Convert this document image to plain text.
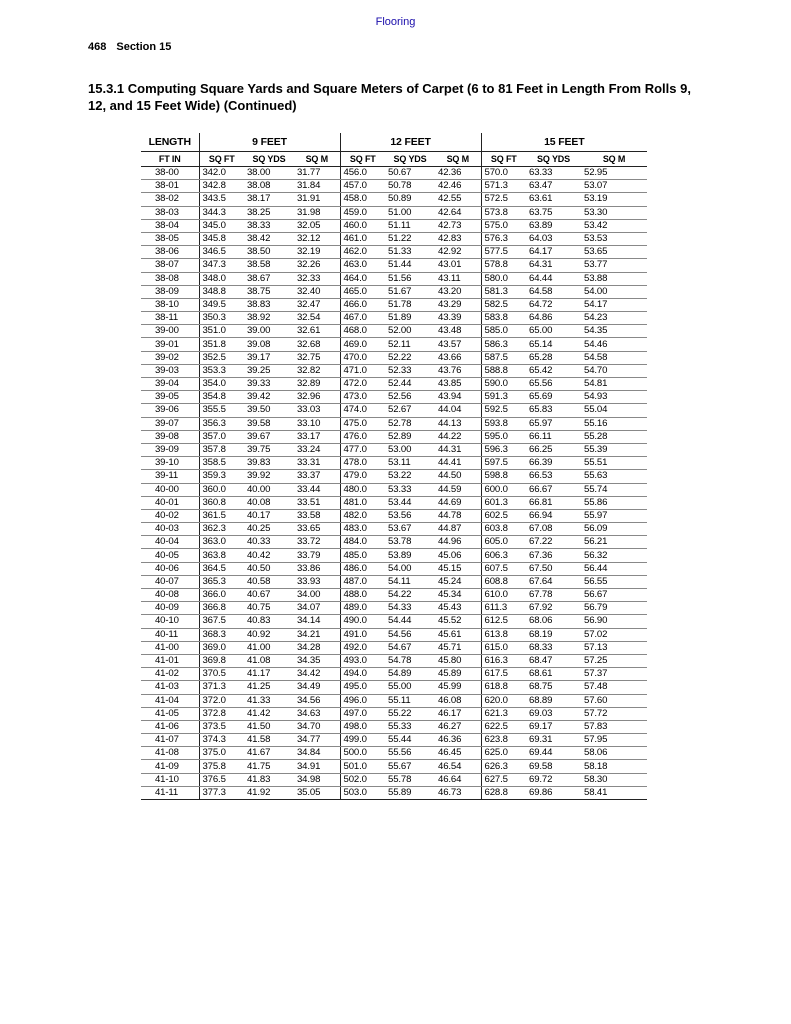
Flooring
468 Section 15
15.3.1 Computing Square Yards and Square Meters of Carpet (6 to 81 Feet in Length From Rolls 9, 12, and 15 Feet Wide) (Continued)
LENGTH	9 FEET			12 FEET			15 FEET		
FT IN	SQ FT	SQ YDS	SQ M	SQ FT	SQ YDS	SQ M	SQ FT	SQ YDS	SQ M
38-00	342.0	38.00	31.77	456.0	50.67	42.36	570.0	63.33	52.95
38-01	342.8	38.08	31.84	457.0	50.78	42.46	571.3	63.47	53.07
38-02	343.5	38.17	31.91	458.0	50.89	42.55	572.5	63.61	53.19
38-03	344.3	38.25	31.98	459.0	51.00	42.64	573.8	63.75	53.30
38-04	345.0	38.33	32.05	460.0	51.11	42.73	575.0	63.89	53.42
38-05	345.8	38.42	32.12	461.0	51.22	42.83	576.3	64.03	53.53
38-06	346.5	38.50	32.19	462.0	51.33	42.92	577.5	64.17	53.65
38-07	347.3	38.58	32.26	463.0	51.44	43.01	578.8	64.31	53.77
38-08	348.0	38.67	32.33	464.0	51.56	43.11	580.0	64.44	53.88
38-09	348.8	38.75	32.40	465.0	51.67	43.20	581.3	64.58	54.00
38-10	349.5	38.83	32.47	466.0	51.78	43.29	582.5	64.72	54.17
38-11	350.3	38.92	32.54	467.0	51.89	43.39	583.8	64.86	54.23
39-00	351.0	39.00	32.61	468.0	52.00	43.48	585.0	65.00	54.35
39-01	351.8	39.08	32.68	469.0	52.11	43.57	586.3	65.14	54.46
39-02	352.5	39.17	32.75	470.0	52.22	43.66	587.5	65.28	54.58
39-03	353.3	39.25	32.82	471.0	52.33	43.76	588.8	65.42	54.70
39-04	354.0	39.33	32.89	472.0	52.44	43.85	590.0	65.56	54.81
39-05	354.8	39.42	32.96	473.0	52.56	43.94	591.3	65.69	54.93
39-06	355.5	39.50	33.03	474.0	52.67	44.04	592.5	65.83	55.04
39-07	356.3	39.58	33.10	475.0	52.78	44.13	593.8	65.97	55.16
39-08	357.0	39.67	33.17	476.0	52.89	44.22	595.0	66.11	55.28
39-09	357.8	39.75	33.24	477.0	53.00	44.31	596.3	66.25	55.39
39-10	358.5	39.83	33.31	478.0	53.11	44.41	597.5	66.39	55.51
39-11	359.3	39.92	33.37	479.0	53.22	44.50	598.8	66.53	55.63
40-00	360.0	40.00	33.44	480.0	53.33	44.59	600.0	66.67	55.74
40-01	360.8	40.08	33.51	481.0	53.44	44.69	601.3	66.81	55.86
40-02	361.5	40.17	33.58	482.0	53.56	44.78	602.5	66.94	55.97
40-03	362.3	40.25	33.65	483.0	53.67	44.87	603.8	67.08	56.09
40-04	363.0	40.33	33.72	484.0	53.78	44.96	605.0	67.22	56.21
40-05	363.8	40.42	33.79	485.0	53.89	45.06	606.3	67.36	56.32
40-06	364.5	40.50	33.86	486.0	54.00	45.15	607.5	67.50	56.44
40-07	365.3	40.58	33.93	487.0	54.11	45.24	608.8	67.64	56.55
40-08	366.0	40.67	34.00	488.0	54.22	45.34	610.0	67.78	56.67
40-09	366.8	40.75	34.07	489.0	54.33	45.43	611.3	67.92	56.79
40-10	367.5	40.83	34.14	490.0	54.44	45.52	612.5	68.06	56.90
40-11	368.3	40.92	34.21	491.0	54.56	45.61	613.8	68.19	57.02
41-00	369.0	41.00	34.28	492.0	54.67	45.71	615.0	68.33	57.13
41-01	369.8	41.08	34.35	493.0	54.78	45.80	616.3	68.47	57.25
41-02	370.5	41.17	34.42	494.0	54.89	45.89	617.5	68.61	57.37
41-03	371.3	41.25	34.49	495.0	55.00	45.99	618.8	68.75	57.48
41-04	372.0	41.33	34.56	496.0	55.11	46.08	620.0	68.89	57.60
41-05	372.8	41.42	34.63	497.0	55.22	46.17	621.3	69.03	57.72
41-06	373.5	41.50	34.70	498.0	55.33	46.27	622.5	69.17	57.83
41-07	374.3	41.58	34.77	499.0	55.44	46.36	623.8	69.31	57.95
41-08	375.0	41.67	34.84	500.0	55.56	46.45	625.0	69.44	58.06
41-09	375.8	41.75	34.91	501.0	55.67	46.54	626.3	69.58	58.18
41-10	376.5	41.83	34.98	502.0	55.78	46.64	627.5	69.72	58.30
41-11	377.3	41.92	35.05	503.0	55.89	46.73	628.8	69.86	58.41
